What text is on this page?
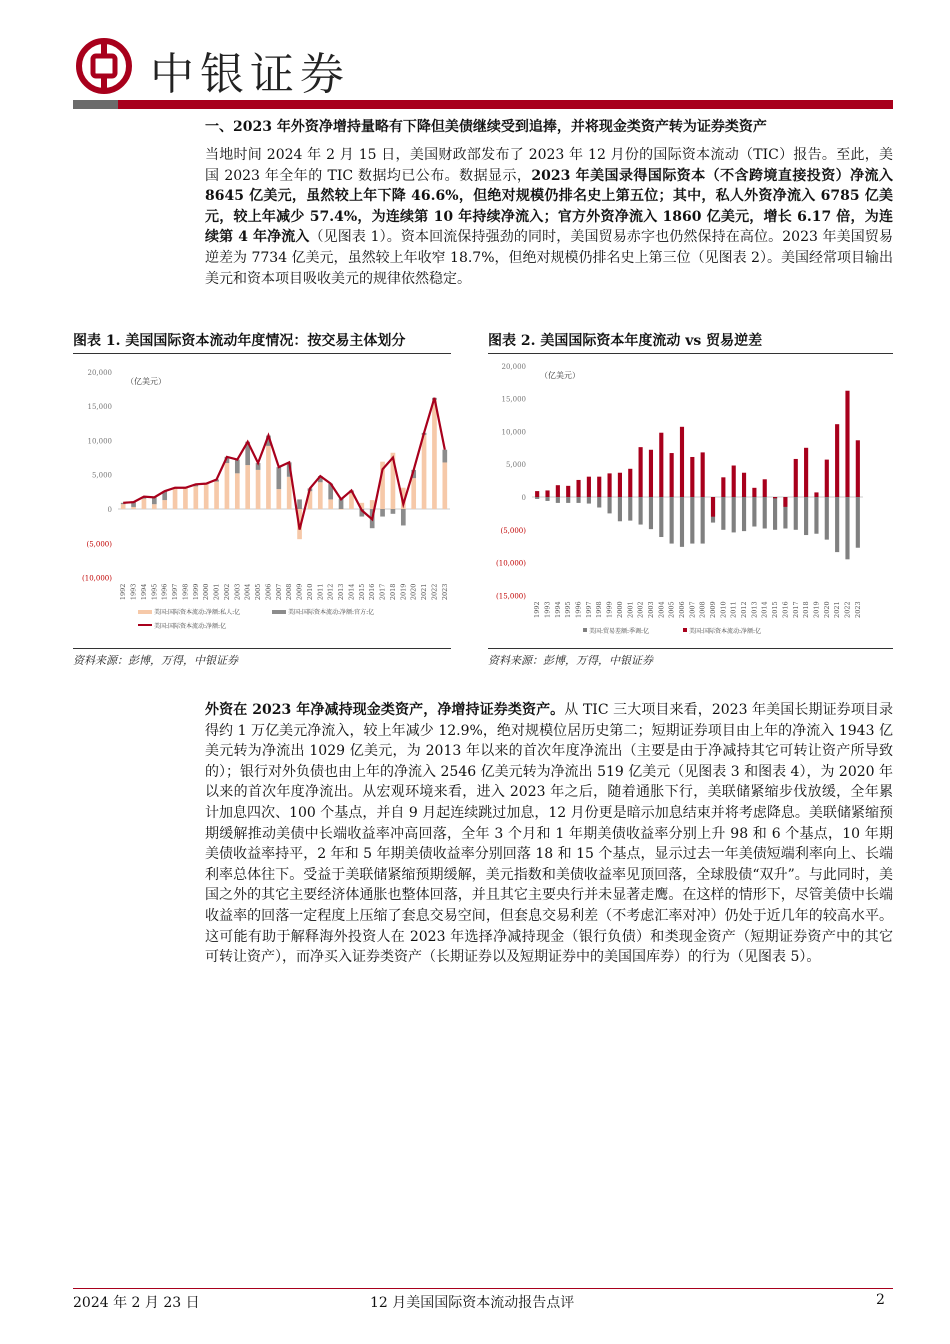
中银证券
一、2023 年外资净增持量略有下降但美债继续受到追捧，并将现金类资产转为证券类资产
当地时间 2024 年 2 月 15 日，美国财政部发布了 2023 年 12 月份的国际资本流动（TIC）报告。至此，美国 2023 年全年的 TIC 数据均已公布。数据显示，2023 年美国录得国际资本（不含跨境直接投资）净流入 8645 亿美元，虽然较上年下降 46.6%，但绝对规模仍排名史上第五位；其中，私人外资净流入 6785 亿美元，较上年减少 57.4%，为连续第 10 年持续净流入；官方外资净流入 1860 亿美元，增长 6.17 倍，为连续第 4 年净流入（见图表 1）。资本回流保持强劲的同时，美国贸易赤字也仍然保持在高位。2023 年美国贸易逆差为 7734 亿美元，虽然较上年收窄 18.7%，但绝对规模仍排名史上第三位（见图表 2）。美国经常项目输出美元和资本项目吸收美元的规律依然稳定。
图表 1. 美国国际资本流动年度情况：按交易主体划分	图表 2. 美国国际资本年度流动 vs 贸易逆差
(10,000)
(5,000)
0
5,000
10,000
15,000
20,000
（亿美元）
1992 1993 1994 1995 1996 1997 1998 1999 2000 2001 2002 2003 2004 2005 2006 2007 2008 2009 2010 2011 2012 2013 2014 2015 2016 2017 2018 2019 2020 2021 2022 2023
美国:国际资本流动:净额:私人:亿	美国:国际资本流动:净额:官方:亿
美国:国际资本流动:净额:亿
(15,000)
(10,000)
(5,000)
0
5,000
10,000
15,000
20,000
（亿美元）
1992 1993 1994 1995 1996 1997 1998 1999 2000 2001 2002 2003 2004 2005 2006 2007 2008 2009 2010 2011 2012 2013 2014 2015 2016 2017 2018 2019 2020 2021 2022 2023
美国:贸易差额:季调:亿	美国:国际资本流动:净额:亿
资料来源：彭博，万得，中银证券	资料来源：彭博，万得，中银证券
外资在 2023 年净减持现金类资产，净增持证券类资产。从 TIC 三大项目来看，2023 年美国长期证券项目录得约 1 万亿美元净流入，较上年减少 12.9%，绝对规模位居历史第二；短期证券项目由上年的净流入 1943 亿美元转为净流出 1029 亿美元，为 2013 年以来的首次年度净流出（主要是由于净减持其它可转让资产所导致的）；银行对外负债也由上年的净流入 2546 亿美元转为净流出 519 亿美元（见图表 3 和图表 4），为 2020 年以来的首次年度净流出。从宏观环境来看，进入 2023 年之后，随着通胀下行，美联储紧缩步伐放缓，全年累计加息四次、100 个基点，并自 9 月起连续跳过加息，12 月份更是暗示加息结束并将考虑降息。美联储紧缩预期缓解推动美债中长端收益率冲高回落，全年 3 个月和 1 年期美债收益率分别上升 98 和 6 个基点，10 年期美债收益率持平，2 年和 5 年期美债收益率分别回落 18 和 15 个基点，显示过去一年美债短端利率向上、长端利率总体往下。受益于美联储紧缩预期缓解，美元指数和美债收益率见顶回落，全球股债“双升”。与此同时，美国之外的其它主要经济体通胀也整体回落，并且其它主要央行并未显著走鹰。在这样的情形下，尽管美债中长端收益率的回落一定程度上压缩了套息交易空间，但套息交易利差（不考虑汇率对冲）仍处于近几年的较高水平。这可能有助于解释海外投资人在 2023 年选择净减持现金（银行负债）和类现金资产（短期证券资产中的其它可转让资产），而净买入证券类资产（长期证券以及短期证券中的美国国库券）的行为（见图表 5）。
2024 年 2 月 23 日	12 月美国国际资本流动报告点评	2
